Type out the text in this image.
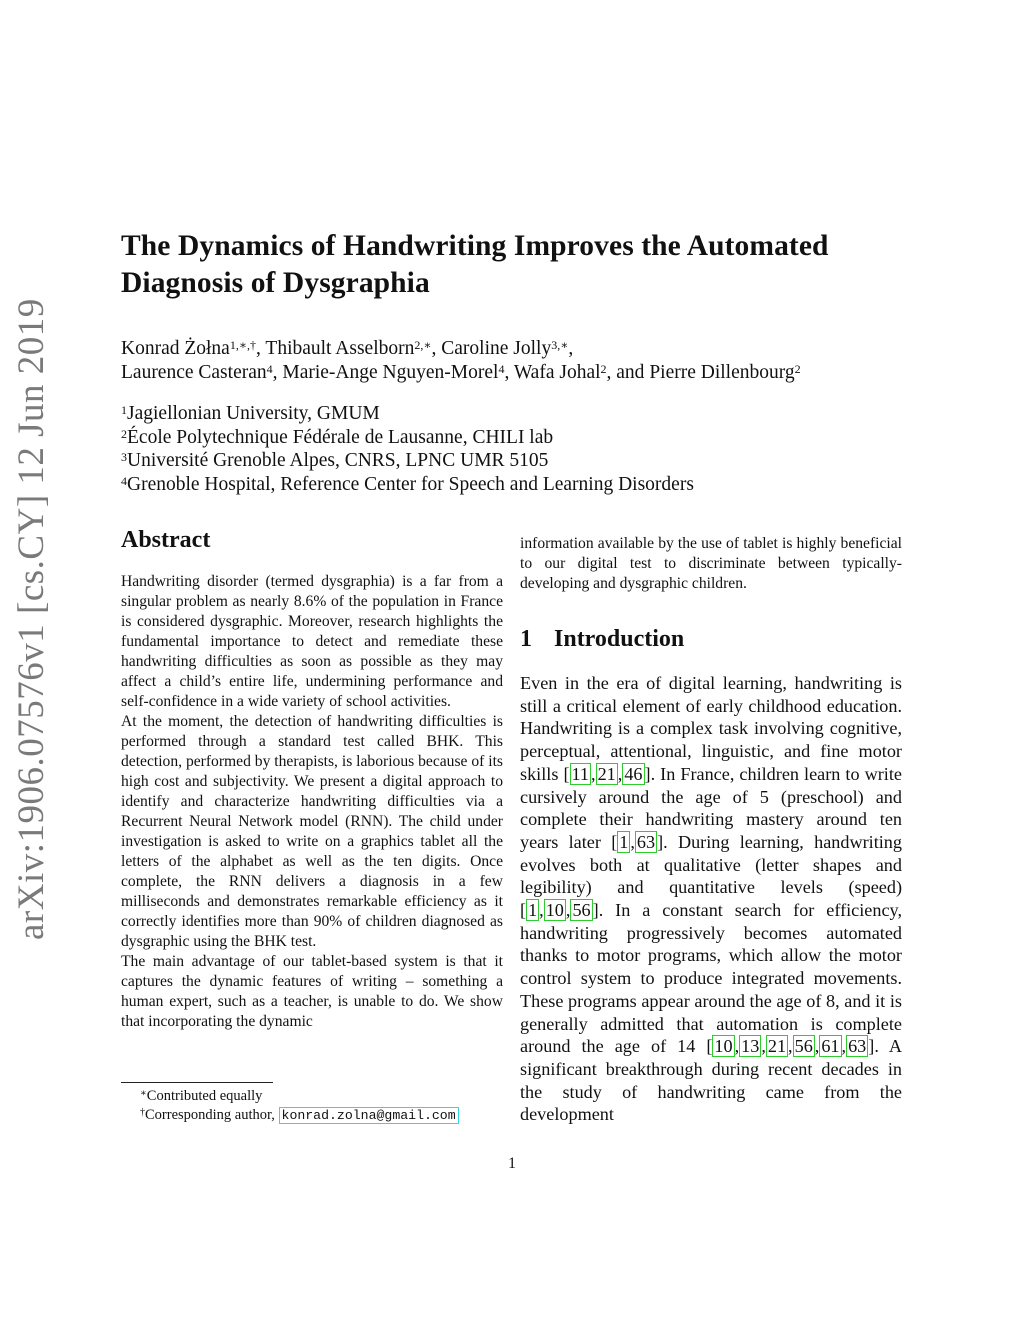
arXiv:1906.07576v1 [cs.CY] 12 Jun 2019
The Dynamics of Handwriting Improves the Automated
Diagnosis of Dysgraphia
Konrad Żołna$^{1,∗,\dagger}$, Thibault Asselborn$^{2,∗}$, Caroline Jolly$^{3,∗}$,
Laurence Casteran$^4$, Marie-Ange Nguyen-Morel$^4$, Wafa Johal$^2$, and Pierre Dillenbourg$^2$
$^1$Jagiellonian University, GMUM
$^2$École Polytechnique Fédérale de Lausanne, CHILI lab
$^3$Université Grenoble Alpes, CNRS, LPNC UMR 5105
$^4$Grenoble Hospital, Reference Center for Speech and Learning Disorders
Abstract

Handwriting disorder (termed dysgraphia) is a far from a singular problem as nearly 8.6% of the population in France is considered dysgraphic. Moreover, research highlights the fundamental importance to detect and remediate these handwriting difficulties as soon as possible as they may affect a child’s entire life, undermining performance and self-confidence in a wide variety of school activities.

At the moment, the detection of handwriting difficulties is performed through a standard test called BHK. This detection, performed by therapists, is laborious because of its high cost and subjectivity. We present a digital approach to identify and characterize handwriting difficulties via a Recurrent Neural Network model (RNN). The child under investigation is asked to write on a graphics tablet all the letters of the alphabet as well as the ten digits. Once complete, the RNN delivers a diagnosis in a few milliseconds and demonstrates remarkable efficiency as it correctly identifies more than 90% of children diagnosed as dysgraphic using the BHK test.

The main advantage of our tablet-based system is that it captures the dynamic features of writing – something a human expert, such as a teacher, is unable to do. We show that incorporating the dynamic

∗Contributed equally
†Corresponding author, konrad.zolna@gmail.com

information available by the use of tablet is highly beneficial to our digital test to discriminate between typically-developing and dysgraphic children.

1 Introduction

Even in the era of digital learning, handwriting is still a critical element of early childhood education. Handwriting is a complex task involving cognitive, perceptual, attentional, linguistic, and fine motor skills [ 11 , 21 , 46 ]. In France, children learn to write cursively around the age of 5 (preschool) and complete their handwriting mastery around ten years later [ 1 , 63 ]. During learning, handwriting evolves both at qualitative (letter shapes and legibility) and quantitative levels (speed) [ 1 , 10 , 56 ]. In a constant search for efficiency, handwriting progressively becomes automated thanks to motor programs, which allow the motor control system to produce integrated movements. These programs appear around the age of 8, and it is generally admitted that automation is complete around the age of 14 [ 10 , 13 , 21 , 56 , 61 , 63 ]. A significant breakthrough during recent decades in the study of handwriting came from the development

1
